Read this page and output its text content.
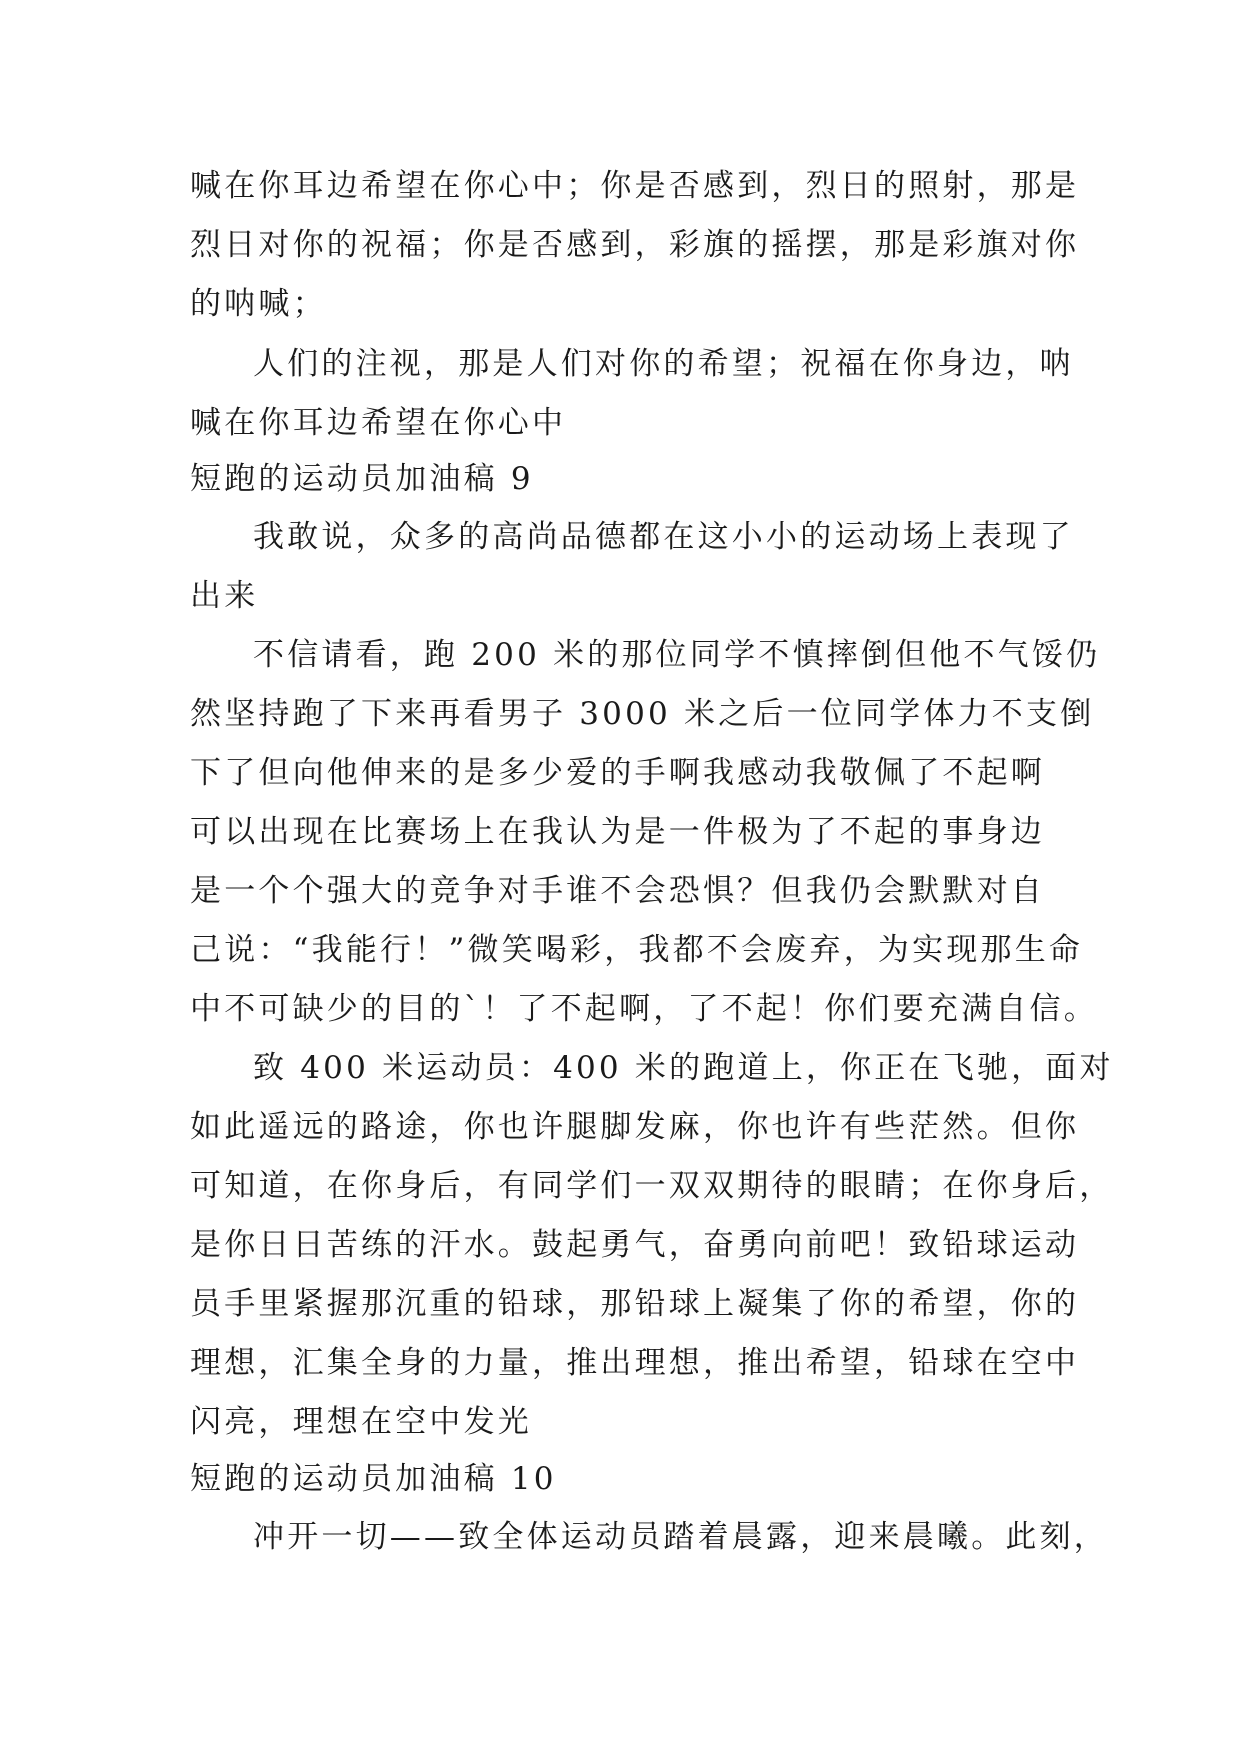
喊在你耳边希望在你心中；你是否感到，烈日的照射，那是
烈日对你的祝福；你是否感到，彩旗的摇摆，那是彩旗对你
的呐喊；
人们的注视，那是人们对你的希望；祝福在你身边，呐
喊在你耳边希望在你心中
短跑的运动员加油稿 9
我敢说，众多的高尚品德都在这小小的运动场上表现了
出来
不信请看，跑 200 米的那位同学不慎摔倒但他不气馁仍
然坚持跑了下来再看男子 3000 米之后一位同学体力不支倒
下了但向他伸来的是多少爱的手啊我感动我敬佩了不起啊
可以出现在比赛场上在我认为是一件极为了不起的事身边
是一个个强大的竞争对手谁不会恐惧？但我仍会默默对自
己说：“我能行！”微笑喝彩，我都不会废弃，为实现那生命
中不可缺少的目的`！了不起啊，了不起！你们要充满自信。
致 400 米运动员：400 米的跑道上，你正在飞驰，面对
如此遥远的路途，你也许腿脚发麻，你也许有些茫然。但你
可知道，在你身后，有同学们一双双期待的眼睛；在你身后，
是你日日苦练的汗水。鼓起勇气，奋勇向前吧！致铅球运动
员手里紧握那沉重的铅球，那铅球上凝集了你的希望，你的
理想，汇集全身的力量，推出理想，推出希望，铅球在空中
闪亮，理想在空中发光
短跑的运动员加油稿 10
冲开一切——致全体运动员踏着晨露，迎来晨曦。此刻，
